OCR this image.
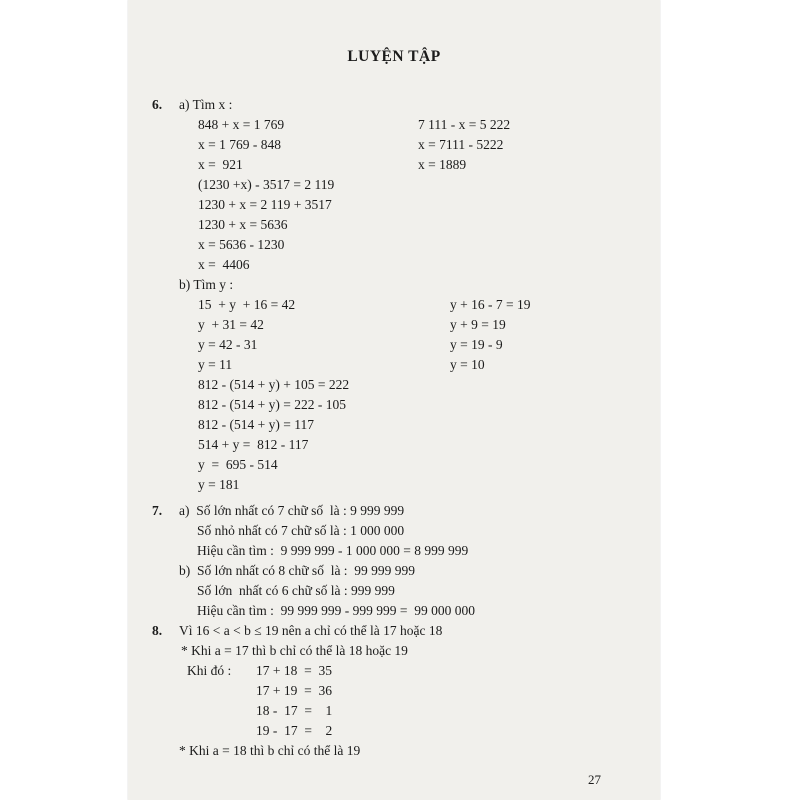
LUYỆN TẬP
6. a) Tìm x :
848 + x = 1 769
x = 1 769 - 848
x =  921
(1230 +x) - 3517 = 2 119
1230 + x = 2 119 + 3517
1230 + x = 5636
x = 5636 - 1230
x =  4406
7 111 - x = 5 222
x = 7111 - 5222
x = 1889
b) Tìm y :
15  + y  + 16 = 42
y  + 31 = 42
y = 42 - 31
y = 11
812 - (514 + y) + 105 = 222
812 - (514 + y) = 222 - 105
812 - (514 + y) = 117
514 + y =  812 - 117
y  =  695 - 514
y = 181
y + 16 - 7 = 19
y + 9 = 19
y = 19 - 9
y = 10
7. a)  Số lớn nhất có 7 chữ số  là : 9 999 999
Số nhỏ nhất có 7 chữ số là : 1 000 000
Hiệu cần tìm :  9 999 999 - 1 000 000 = 8 999 999
b)  Số lớn nhất có 8 chữ số  là :  99 999 999
Số lớn  nhất có 6 chữ số là : 999 999
Hiệu cần tìm :  99 999 999 - 999 999 =  99 000 000
8. Vì 16 < a < b ≤ 19 nên a chỉ có thể là 17 hoặc 18
* Khi a = 17 thì b chỉ có thể là 18 hoặc 19
Khi đó : 17 + 18  =  35
17 + 19  =  36
18 -  17  =    1
19 -  17  =    2
* Khi a = 18 thì b chỉ có thể là 19
27
